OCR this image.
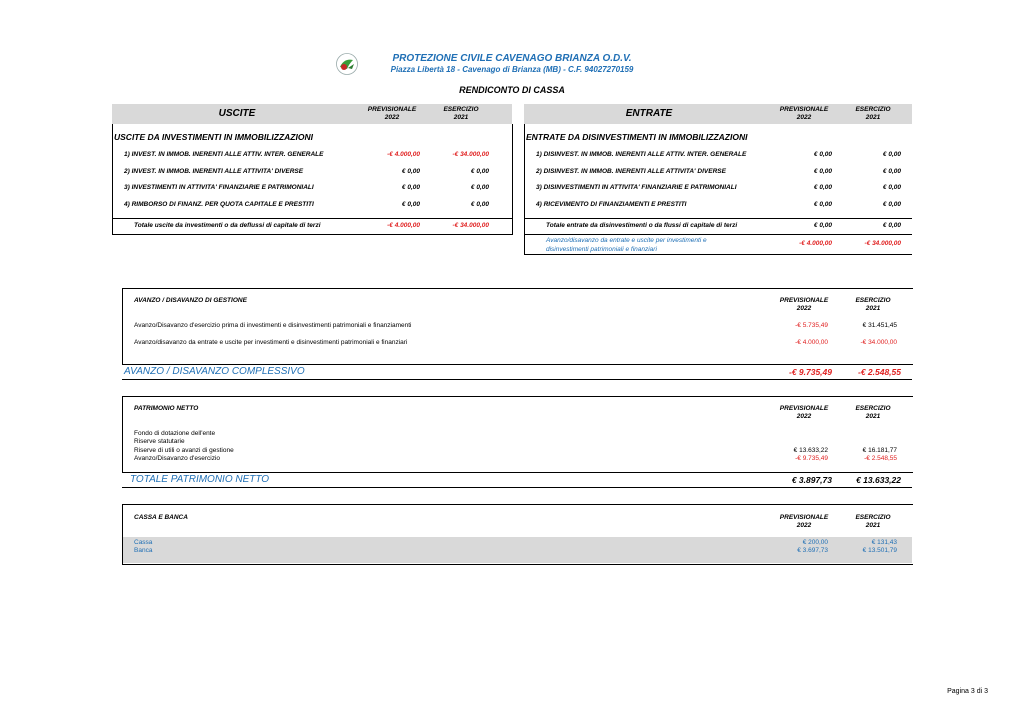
PROTEZIONE CIVILE CAVENAGO BRIANZA O.D.V.
Piazza Libertà 18 - Cavenago di Brianza (MB) - C.F. 94027270159
RENDICONTO DI CASSA
USCITE	PREVISIONALE
2022
ESERCIZIO
2021	ENTRATE	PREVISIONALE
2022
ESERCIZIO
2021
USCITE DA INVESTIMENTI IN IMMOBILIZZAZIONI
1) INVEST. IN IMMOB. INERENTI ALLE ATTIV. INTER. GENERALE	-€ 4.000,00	-€ 34.000,00
2) INVEST. IN IMMOB. INERENTI ALLE ATTIVITA' DIVERSE	€ 0,00	€ 0,00
3) INVESTIMENTI IN ATTIVITA' FINANZIARIE E PATRIMONIALI	€ 0,00	€ 0,00
4) RIMBORSO DI FINANZ. PER QUOTA CAPITALE E PRESTITI	€ 0,00	€ 0,00
Totale uscite da investimenti o da deflussi di capitale di terzi	-€ 4.000,00	-€ 34.000,00
ENTRATE DA DISINVESTIMENTI IN IMMOBILIZZAZIONI
1) DISINVEST. IN IMMOB. INERENTI ALLE ATTIV. INTER. GENERALE	€ 0,00	€ 0,00
2) DISINVEST. IN IMMOB. INERENTI ALLE ATTIVITA' DIVERSE	€ 0,00	€ 0,00
3) DISINVESTIMENTI IN ATTIVITA' FINANZIARIE E PATRIMONIALI	€ 0,00	€ 0,00
4) RICEVIMENTO DI FINANZIAMENTI E PRESTITI	€ 0,00	€ 0,00
Totale entrate da disinvestimenti o da flussi di capitale di terzi	€ 0,00	€ 0,00
Avanzo/disavanzo da entrate e uscite per investimenti e
disinvestimenti patrimoniali e finanziari
-€ 4.000,00	-€ 34.000,00
AVANZO / DISAVANZO DI GESTIONE	PREVISIONALE
2022
ESERCIZIO
2021
Avanzo/Disavanzo d'esercizio prima di investimenti e disinvestimenti patrimoniali e finanziamenti	-€ 5.735,49	€ 31.451,45
Avanzo/disavanzo da entrate e uscite per investimenti e disinvestimenti patrimoniali e finanziari	-€ 4.000,00	-€ 34.000,00
AVANZO / DISAVANZO COMPLESSIVO	-€ 9.735,49	-€ 2.548,55
PATRIMONIO NETTO	PREVISIONALE
2022
ESERCIZIO
2021
Fondo di dotazione dell'ente
Riserve statutarie
Riserve di utili o avanzi di gestione	€ 13.633,22	€ 16.181,77
Avanzo/Disavanzo d'esercizio	-€ 9.735,49	-€ 2.548,55
TOTALE PATRIMONIO NETTO	€ 3.897,73	€ 13.633,22
CASSA E BANCA	PREVISIONALE
2022
ESERCIZIO
2021
Cassa	€ 200,00	€ 131,43
Banca	€ 3.697,73	€ 13.501,79
Pagina 3 di 3
